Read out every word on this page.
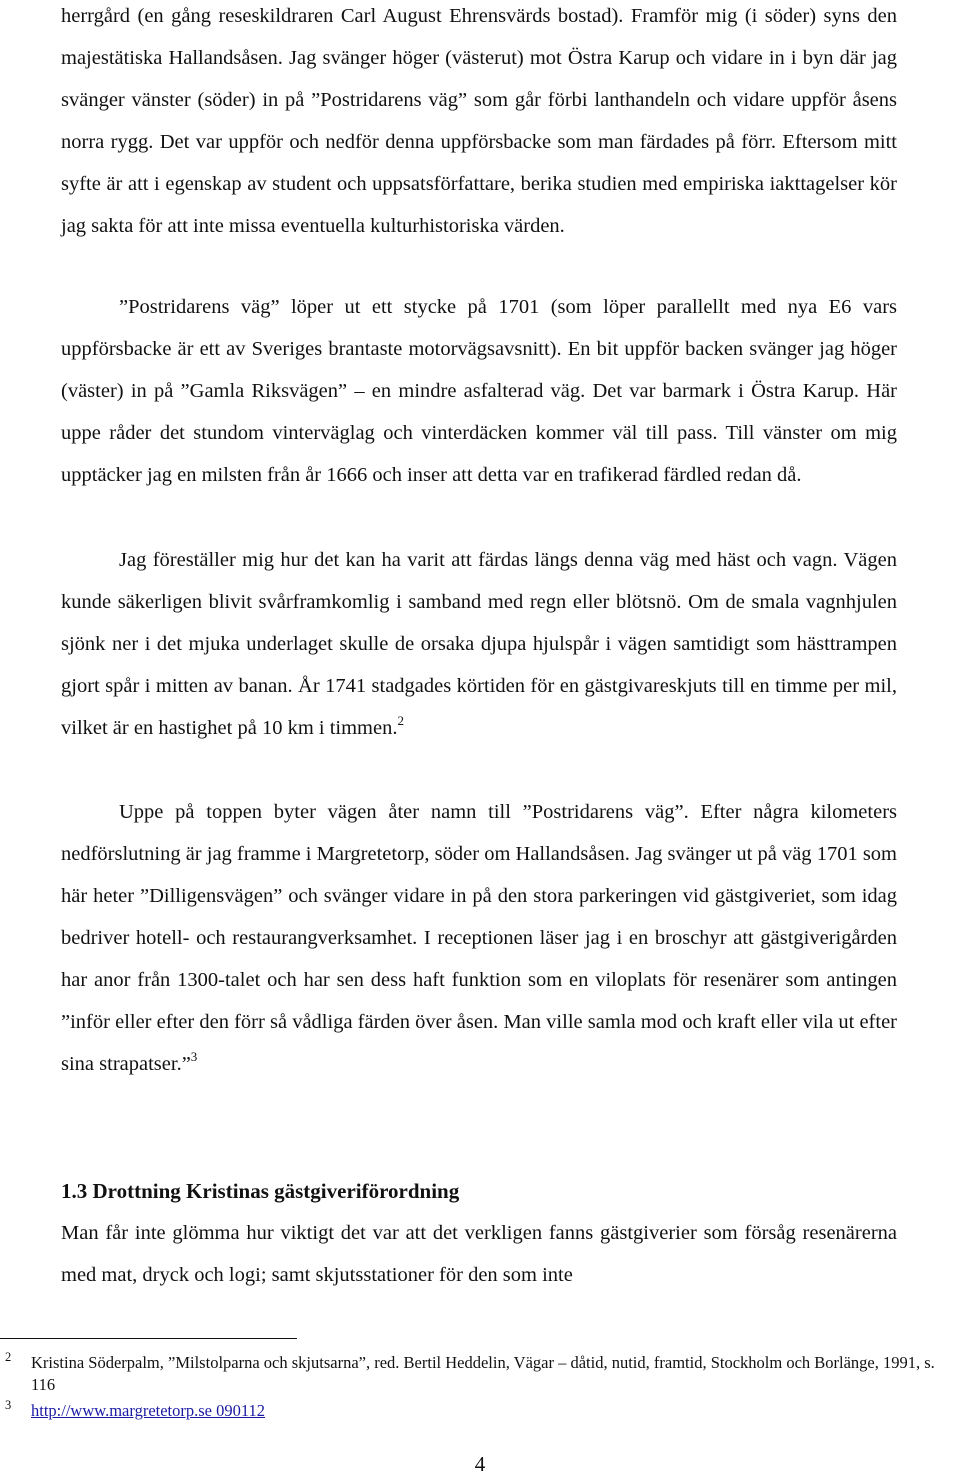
herrgård (en gång reseskildraren Carl August Ehrensvärds bostad). Framför mig (i söder) syns den majestätiska Hallandsåsen. Jag svänger höger (västerut) mot Östra Karup och vidare in i byn där jag svänger vänster (söder) in på ”Postridarens väg” som går förbi lanthandeln och vidare uppför åsens norra rygg. Det var uppför och nedför denna uppförsbacke som man färdades på förr. Eftersom mitt syfte är att i egenskap av student och uppsatsförfattare, berika studien med empiriska iakttagelser kör jag sakta för att inte missa eventuella kulturhistoriska värden.

”Postridarens väg” löper ut ett stycke på 1701 (som löper parallellt med nya E6 vars uppförsbacke är ett av Sveriges brantaste motorvägsavsnitt). En bit uppför backen svänger jag höger (väster) in på ”Gamla Riksvägen” – en mindre asfalterad väg. Det var barmark i Östra Karup. Här uppe råder det stundom vinterväglag och vinterdäcken kommer väl till pass. Till vänster om mig upptäcker jag en milsten från år 1666 och inser att detta var en trafikerad färdled redan då.

Jag föreställer mig hur det kan ha varit att färdas längs denna väg med häst och vagn. Vägen kunde säkerligen blivit svårframkomlig i samband med regn eller blötsnö. Om de smala vagnhjulen sjönk ner i det mjuka underlaget skulle de orsaka djupa hjulspår i vägen samtidigt som hästtrampen gjort spår i mitten av banan. År 1741 stadgades körtiden för en gästgivareskjuts till en timme per mil, vilket är en hastighet på 10 km i timmen.$^2$

Uppe på toppen byter vägen åter namn till ”Postridarens väg”. Efter några kilometers nedförslutning är jag framme i Margretetorp, söder om Hallandsåsen. Jag svänger ut på väg 1701 som här heter ”Dilligensvägen” och svänger vidare in på den stora parkeringen vid gästgiveriet, som idag bedriver hotell- och restaurangverksamhet. I receptionen läser jag i en broschyr att gästgiverigården har anor från 1300-talet och har sen dess haft funktion som en viloplats för resenärer som antingen ”inför eller efter den förr så vådliga färden över åsen. Man ville samla mod och kraft eller vila ut efter sina strapatser.”$^3$

1.3 Drottning Kristinas gästgiveriförordning

Man får inte glömma hur viktigt det var att det verkligen fanns gästgiverier som försåg resenärerna med mat, dryck och logi; samt skjutsstationer för den som inte

2 Kristina Söderpalm, ”Milstolparna och skjutsarna”, red. Bertil Heddelin, Vägar – dåtid, nutid, framtid, Stockholm och Borlänge, 1991, s. 116
3 http://www.margretetorp.se 090112
4
